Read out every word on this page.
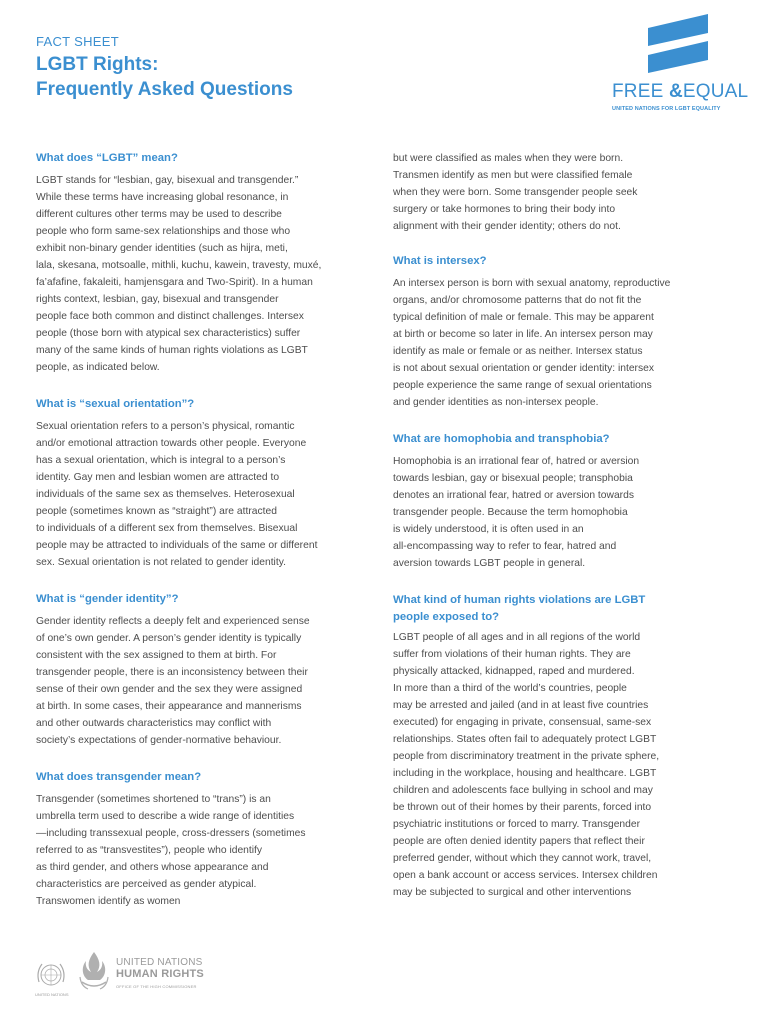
FACT SHEET
LGBT Rights:
Frequently Asked Questions	FREE &EQUAL
UNITED NATIONS FOR LGBT EQUALITY
What does “LGBT” mean?
LGBT stands for “lesbian, gay, bisexual and transgender.”
While these terms have increasing global resonance, in
different cultures other terms may be used to describe
people who form same-sex relationships and those who
exhibit non-binary gender identities (such as hijra, meti,
lala, skesana, motsoalle, mithli, kuchu, kawein, travesty, muxé,
fa’afafine, fakaleiti, hamjensgara and Two-Spirit). In a human
rights context, lesbian, gay, bisexual and transgender
people face both common and distinct challenges. Intersex
people (those born with atypical sex characteristics) suffer
many of the same kinds of human rights violations as LGBT
people, as indicated below.
What is “sexual orientation”?
Sexual orientation refers to a person’s physical, romantic
and/or emotional attraction towards other people. Everyone
has a sexual orientation, which is integral to a person’s
identity. Gay men and lesbian women are attracted to
individuals of the same sex as themselves. Heterosexual
people (sometimes known as “straight”) are attracted
to individuals of a different sex from themselves. Bisexual
people may be attracted to individuals of the same or different
sex. Sexual orientation is not related to gender identity.
What is “gender identity”?
Gender identity reflects a deeply felt and experienced sense
of one’s own gender. A person’s gender identity is typically
consistent with the sex assigned to them at birth. For
transgender people, there is an inconsistency between their
sense of their own gender and the sex they were assigned
at birth. In some cases, their appearance and mannerisms
and other outwards characteristics may conflict with
society’s expectations of gender-normative behaviour.
What does transgender mean?
Transgender (sometimes shortened to “trans”) is an
umbrella term used to describe a wide range of identities
—including transsexual people, cross-dressers (sometimes
referred to as “transvestites”), people who identify
as third gender, and others whose appearance and
characteristics are perceived as gender atypical.
Transwomen identify as women
but were classified as males when they were born.
Transmen identify as men but were classified female
when they were born. Some transgender people seek
surgery or take hormones to bring their body into
alignment with their gender identity; others do not.
What is intersex?
An intersex person is born with sexual anatomy, reproductive
organs, and/or chromosome patterns that do not fit the
typical definition of male or female. This may be apparent
at birth or become so later in life. An intersex person may
identify as male or female or as neither. Intersex status
is not about sexual orientation or gender identity: intersex
people experience the same range of sexual orientations
and gender identities as non-intersex people.
What are homophobia and transphobia?
Homophobia is an irrational fear of, hatred or aversion
towards lesbian, gay or bisexual people; transphobia
denotes an irrational fear, hatred or aversion towards
transgender people. Because the term homophobia
is widely understood, it is often used in an
all-encompassing way to refer to fear, hatred and
aversion towards LGBT people in general.
What kind of human rights violations are LGBT
people exposed to?
LGBT people of all ages and in all regions of the world
suffer from violations of their human rights. They are
physically attacked, kidnapped, raped and murdered.
In more than a third of the world’s countries, people
may be arrested and jailed (and in at least five countries
executed) for engaging in private, consensual, same-sex
relationships. States often fail to adequately protect LGBT
people from discriminatory treatment in the private sphere,
including in the workplace, housing and healthcare. LGBT
children and adolescents face bullying in school and may
be thrown out of their homes by their parents, forced into
psychiatric institutions or forced to marry. Transgender
people are often denied identity papers that reflect their
preferred gender, without which they cannot work, travel,
open a bank account or access services. Intersex children
may be subjected to surgical and other interventions
UNITED NATIONS
UNITED NATIONS
HUMAN RIGHTS
OFFICE OF THE HIGH COMMISSIONER
